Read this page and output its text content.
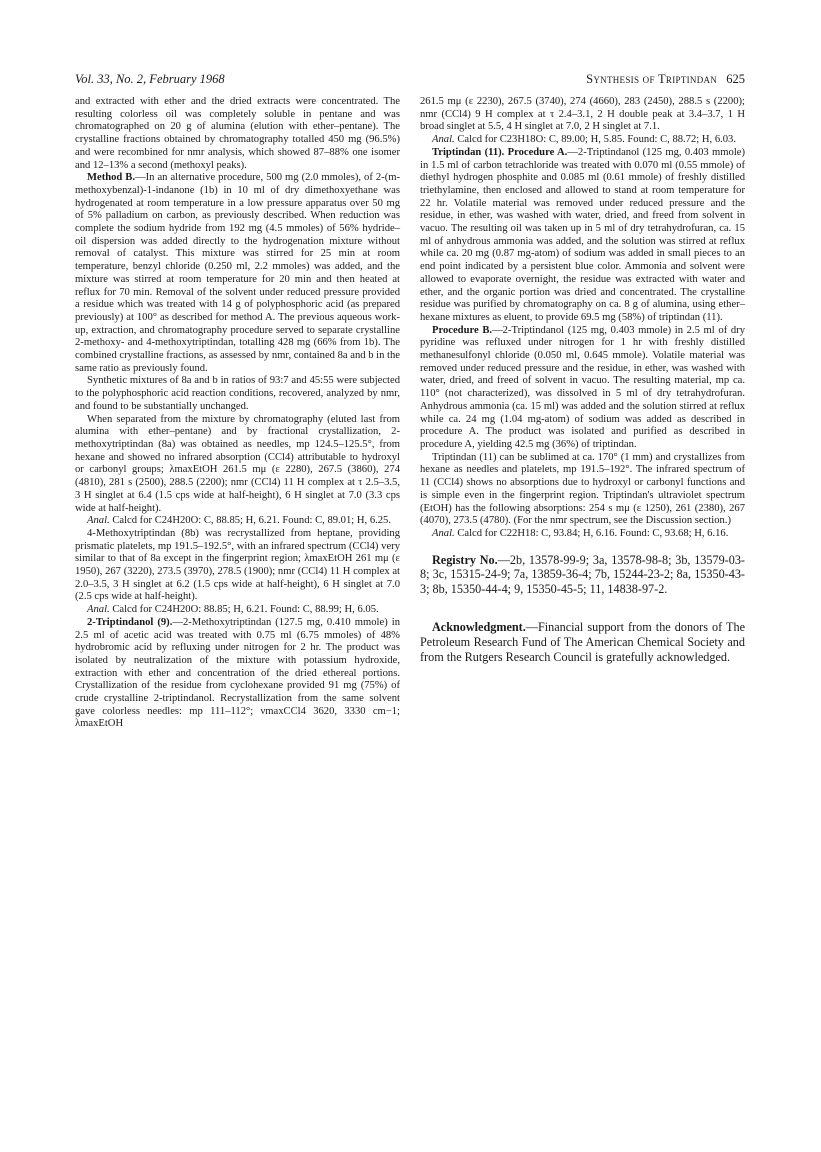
Vol. 33, No. 2, February 1968	Synthesis of Triptindan 625

and extracted with ether and the dried extracts were concentrated. The resulting colorless oil was completely soluble in pentane and was chromatographed on 20 g of alumina (elution with ether–pentane). The crystalline fractions obtained by chromatography totalled 450 mg (96.5%) and were recombined for nmr analysis, which showed 87–88% one isomer and 12–13% a second (methoxyl peaks).

Method B.—In an alternative procedure, 500 mg (2.0 mmoles), of 2-(m-methoxybenzal)-1-indanone (1b) in 10 ml of dry dimethoxyethane was hydrogenated at room temperature in a low pressure apparatus over 50 mg of 5% palladium on carbon, as previously described. When reduction was complete the sodium hydride from 192 mg (4.5 mmoles) of 56% hydride–oil dispersion was added directly to the hydrogenation mixture without removal of catalyst. This mixture was stirred for 25 min at room temperature, benzyl chloride (0.250 ml, 2.2 mmoles) was added, and the mixture was stirred at room temperature for 20 min and then heated at reflux for 70 min. Removal of the solvent under reduced pressure provided a residue which was treated with 14 g of polyphosphoric acid (as prepared previously) at 100° as described for method A. The previous aqueous work-up, extraction, and chromatography procedure served to separate crystalline 2-methoxy- and 4-methoxytriptindan, totalling 428 mg (66% from 1b). The combined crystalline fractions, as assessed by nmr, contained 8a and b in the same ratio as previously found.

Synthetic mixtures of 8a and b in ratios of 93:7 and 45:55 were subjected to the polyphosphoric acid reaction conditions, recovered, analyzed by nmr, and found to be substantially unchanged.

When separated from the mixture by chromatography (eluted last from alumina with ether–pentane) and by fractional crystallization, 2-methoxytriptindan (8a) was obtained as needles, mp 124.5–125.5°, from hexane and showed no infrared absorption (CCl4) attributable to hydroxyl or carbonyl groups; λmaxEtOH 261.5 mμ (ε 2280), 267.5 (3860), 274 (4810), 281 s (2500), 288.5 (2200); nmr (CCl4) 11 H complex at τ 2.5–3.5, 3 H singlet at 6.4 (1.5 cps wide at half-height), 6 H singlet at 7.0 (3.3 cps wide at half-height).

Anal. Calcd for C24H20O: C, 88.85; H, 6.21. Found: C, 89.01; H, 6.25.

4-Methoxytriptindan (8b) was recrystallized from heptane, providing prismatic platelets, mp 191.5–192.5°, with an infrared spectrum (CCl4) very similar to that of 8a except in the fingerprint region; λmaxEtOH 261 mμ (ε 1950), 267 (3220), 273.5 (3970), 278.5 (1900); nmr (CCl4) 11 H complex at 2.0–3.5, 3 H singlet at 6.2 (1.5 cps wide at half-height), 6 H singlet at 7.0 (2.5 cps wide at half-height).

Anal. Calcd for C24H20O: 88.85; H, 6.21. Found: C, 88.99; H, 6.05.

2-Triptindanol (9).—2-Methoxytriptindan (127.5 mg, 0.410 mmole) in 2.5 ml of acetic acid was treated with 0.75 ml (6.75 mmoles) of 48% hydrobromic acid by refluxing under nitrogen for 2 hr. The product was isolated by neutralization of the mixture with potassium hydroxide, extraction with ether and concentration of the dried ethereal portions. Crystallization of the residue from cyclohexane provided 91 mg (75%) of crude crystalline 2-triptindanol. Recrystallization from the same solvent gave colorless needles: mp 111–112°; νmaxCCl4 3620, 3330 cm−1; λmaxEtOH

261.5 mμ (ε 2230), 267.5 (3740), 274 (4660), 283 (2450), 288.5 s (2200); nmr (CCl4) 9 H complex at τ 2.4–3.1, 2 H double peak at 3.4–3.7, 1 H broad singlet at 5.5, 4 H singlet at 7.0, 2 H singlet at 7.1.

Anal. Calcd for C23H18O: C, 89.00; H, 5.85. Found: C, 88.72; H, 6.03.

Triptindan (11). Procedure A.—2-Triptindanol (125 mg, 0.403 mmole) in 1.5 ml of carbon tetrachloride was treated with 0.070 ml (0.55 mmole) of diethyl hydrogen phosphite and 0.085 ml (0.61 mmole) of freshly distilled triethylamine, then enclosed and allowed to stand at room temperature for 22 hr. Volatile material was removed under reduced pressure and the residue, in ether, was washed with water, dried, and freed from solvent in vacuo. The resulting oil was taken up in 5 ml of dry tetrahydrofuran, ca. 15 ml of anhydrous ammonia was added, and the solution was stirred at reflux while ca. 20 mg (0.87 mg-atom) of sodium was added in small pieces to an end point indicated by a persistent blue color. Ammonia and solvent were allowed to evaporate overnight, the residue was extracted with water and ether, and the organic portion was dried and concentrated. The crystalline residue was purified by chromatography on ca. 8 g of alumina, using ether–hexane mixtures as eluent, to provide 69.5 mg (58%) of triptindan (11).

Procedure B.—2-Triptindanol (125 mg, 0.403 mmole) in 2.5 ml of dry pyridine was refluxed under nitrogen for 1 hr with freshly distilled methanesulfonyl chloride (0.050 ml, 0.645 mmole). Volatile material was removed under reduced pressure and the residue, in ether, was washed with water, dried, and freed of solvent in vacuo. The resulting material, mp ca. 110° (not characterized), was dissolved in 5 ml of dry tetrahydrofuran. Anhydrous ammonia (ca. 15 ml) was added and the solution stirred at reflux while ca. 24 mg (1.04 mg-atom) of sodium was added as described in procedure A. The product was isolated and purified as described in procedure A, yielding 42.5 mg (36%) of triptindan.

Triptindan (11) can be sublimed at ca. 170° (1 mm) and crystallizes from hexane as needles and platelets, mp 191.5–192°. The infrared spectrum of 11 (CCl4) shows no absorptions due to hydroxyl or carbonyl functions and is simple even in the fingerprint region. Triptindan's ultraviolet spectrum (EtOH) has the following absorptions: 254 s mμ (ε 1250), 261 (2380), 267 (4070), 273.5 (4780). (For the nmr spectrum, see the Discussion section.)

Anal. Calcd for C22H18: C, 93.84; H, 6.16. Found: C, 93.68; H, 6.16.

Registry No.—2b, 13578-99-9; 3a, 13578-98-8; 3b, 13579-03-8; 3c, 15315-24-9; 7a, 13859-36-4; 7b, 15244-23-2; 8a, 15350-43-3; 8b, 15350-44-4; 9, 15350-45-5; 11, 14838-97-2.

Acknowledgment.—Financial support from the donors of The Petroleum Research Fund of The American Chemical Society and from the Rutgers Research Council is gratefully acknowledged.
